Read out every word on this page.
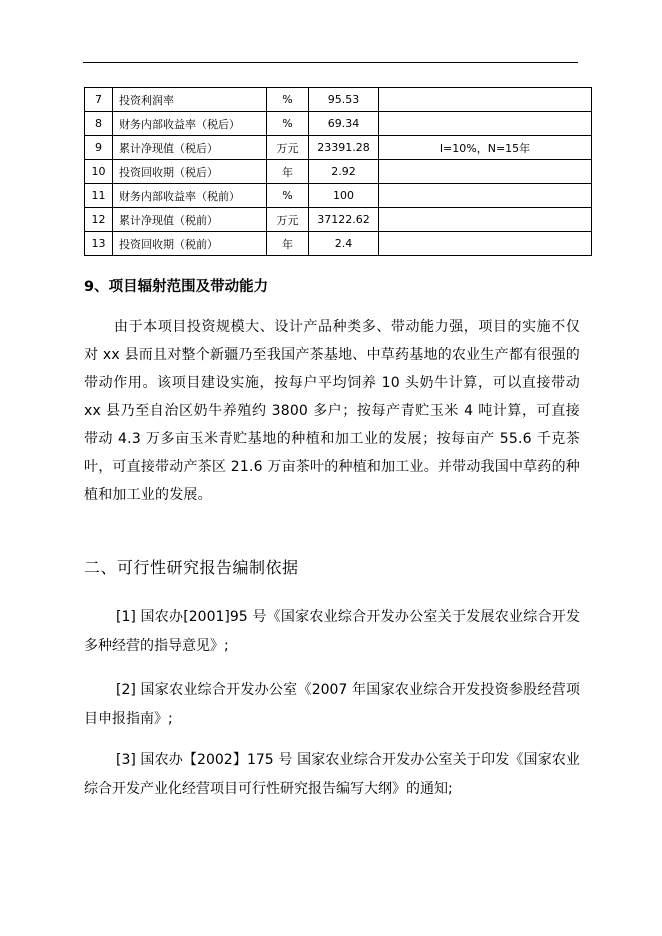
7	投资利润率	%	95.53	
8	财务内部收益率（税后）	%	69.34	
9	累计净现值（税后）	万元	23391.28	I=10%，N=15年
10	投资回收期（税后）	年	2.92	
11	财务内部收益率（税前）	%	100	
12	累计净现值（税前）	万元	37122.62	
13	投资回收期（税前）	年	2.4	
9、项目辐射范围及带动能力
由于本项目投资规模大、设计产品种类多、带动能力强，项目的实施不仅对 xx 县而且对整个新疆乃至我国产茶基地、中草药基地的农业生产都有很强的带动作用。该项目建设实施，按每户平均饲养 10 头奶牛计算，可以直接带动 xx 县乃至自治区奶牛养殖约 3800 多户；按每产青贮玉米 4 吨计算，可直接带动 4.3 万多亩玉米青贮基地的种植和加工业的发展；按每亩产 55.6 千克茶叶，可直接带动产茶区 21.6 万亩茶叶的种植和加工业。并带动我国中草药的种植和加工业的发展。
二、可行性研究报告编制依据
[1] 国农办[2001]95 号《国家农业综合开发办公室关于发展农业综合开发多种经营的指导意见》;
[2] 国家农业综合开发办公室《2007 年国家农业综合开发投资参股经营项目申报指南》;
[3] 国农办【2002】175 号 国家农业综合开发办公室关于印发《国家农业综合开发产业化经营项目可行性研究报告编写大纲》的通知;
